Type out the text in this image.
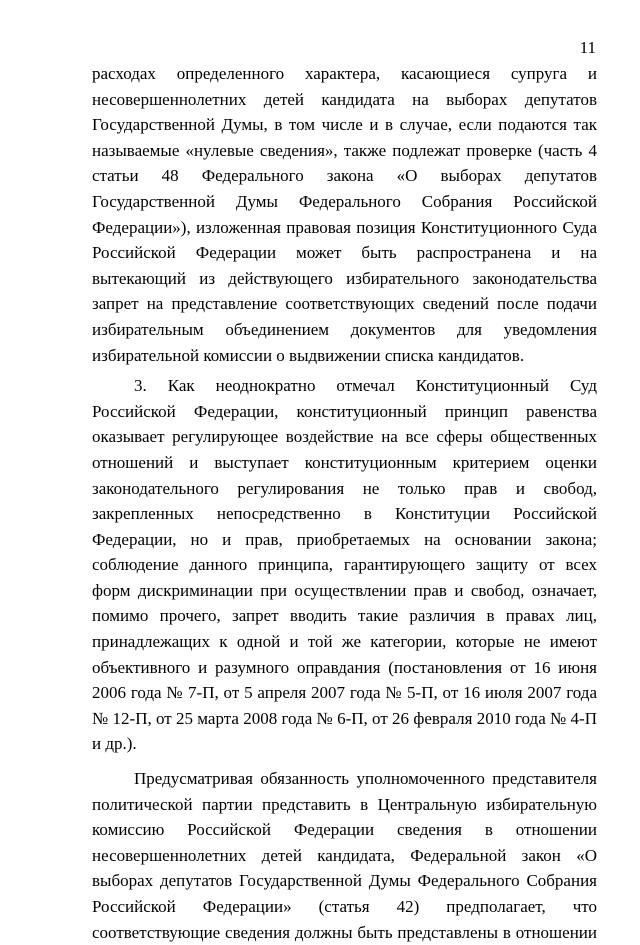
11

расходах определенного характера, касающиеся супруга и несовершеннолетних детей кандидата на выборах депутатов Государственной Думы, в том числе и в случае, если подаются так называемые «нулевые сведения», также подлежат проверке (часть 4 статьи 48 Федерального закона «О выборах депутатов Государственной Думы Федерального Собрания Российской Федерации»), изложенная правовая позиция Конституционного Суда Российской Федерации может быть распространена и на вытекающий из действующего избирательного законодательства запрет на представление соответствующих сведений после подачи избирательным объединением документов для уведомления избирательной комиссии о выдвижении списка кандидатов.

3. Как неоднократно отмечал Конституционный Суд Российской Федерации, конституционный принцип равенства оказывает регулирующее воздействие на все сферы общественных отношений и выступает конституционным критерием оценки законодательного регулирования не только прав и свобод, закрепленных непосредственно в Конституции Российской Федерации, но и прав, приобретаемых на основании закона; соблюдение данного принципа, гарантирующего защиту от всех форм дискриминации при осуществлении прав и свобод, означает, помимо прочего, запрет вводить такие различия в правах лиц, принадлежащих к одной и той же категории, которые не имеют объективного и разумного оправдания (постановления от 16 июня 2006 года № 7-П, от 5 апреля 2007 года № 5-П, от 16 июля 2007 года № 12-П, от 25 марта 2008 года № 6-П, от 26 февраля 2010 года № 4-П и др.).

Предусматривая обязанность уполномоченного представителя политической партии представить в Центральную избирательную комиссию Российской Федерации сведения в отношении несовершеннолетних детей кандидата, Федеральной закон «О выборах депутатов Государственной Думы Федерального Собрания Российской Федерации» (статья 42) предполагает, что соответствующие сведения должны быть представлены в отношении
